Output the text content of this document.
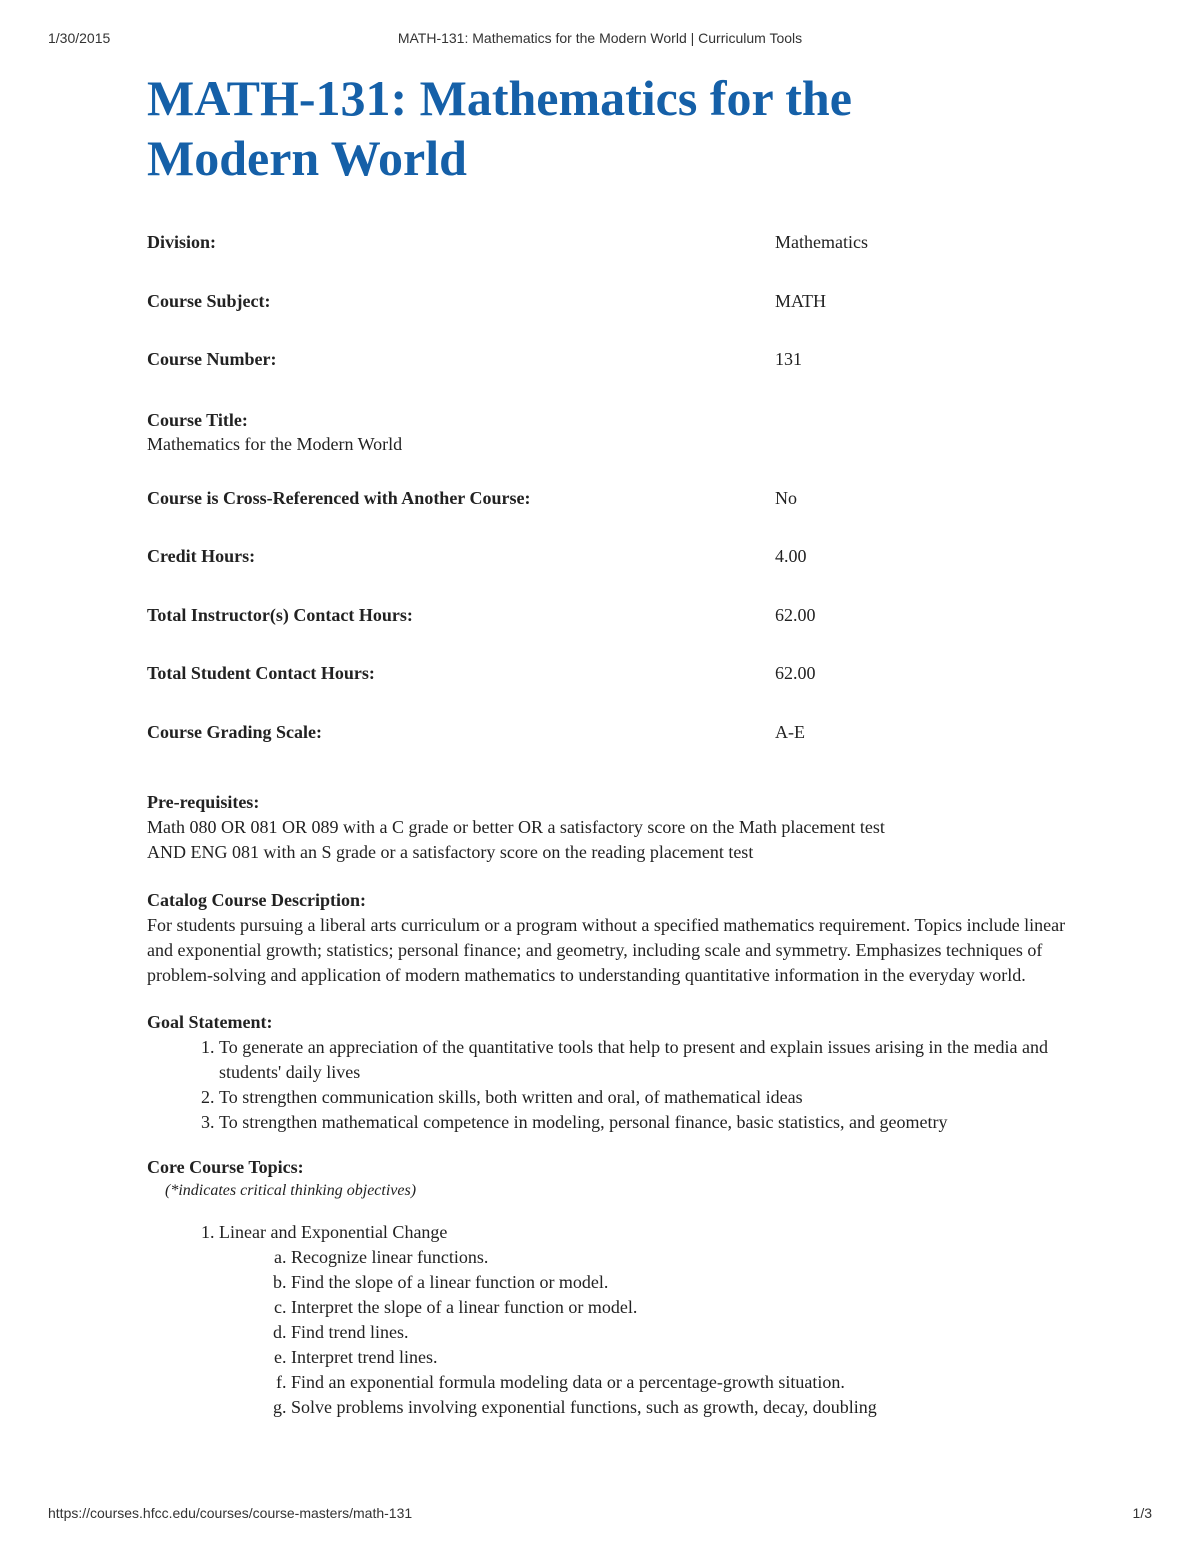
1/30/2015	MATH-131: Mathematics for the Modern World | Curriculum Tools
MATH-131: Mathematics for the Modern World
Division:	Mathematics
Course Subject:	MATH
Course Number:	131
Course Title:
Mathematics for the Modern World
Course is Cross-Referenced with Another Course:	No
Credit Hours:	4.00
Total Instructor(s) Contact Hours:	62.00
Total Student Contact Hours:	62.00
Course Grading Scale:	A-E
Pre-requisites:
Math 080 OR 081 OR 089 with a C grade or better OR a satisfactory score on the Math placement test
AND ENG 081 with an S grade or a satisfactory score on the reading placement test
Catalog Course Description:
For students pursuing a liberal arts curriculum or a program without a specified mathematics requirement. Topics include linear and exponential growth; statistics; personal finance; and geometry, including scale and symmetry. Emphasizes techniques of problem-solving and application of modern mathematics to understanding quantitative information in the everyday world.
Goal Statement:
1. To generate an appreciation of the quantitative tools that help to present and explain issues arising in the media and students' daily lives
2. To strengthen communication skills, both written and oral, of mathematical ideas
3. To strengthen mathematical competence in modeling, personal finance, basic statistics, and geometry
Core Course Topics:
(*indicates critical thinking objectives)
1. Linear and Exponential Change
a. Recognize linear functions.
b. Find the slope of a linear function or model.
c. Interpret the slope of a linear function or model.
d. Find trend lines.
e. Interpret trend lines.
f. Find an exponential formula modeling data or a percentage-growth situation.
g. Solve problems involving exponential functions, such as growth, decay, doubling
https://courses.hfcc.edu/courses/course-masters/math-131	1/3
